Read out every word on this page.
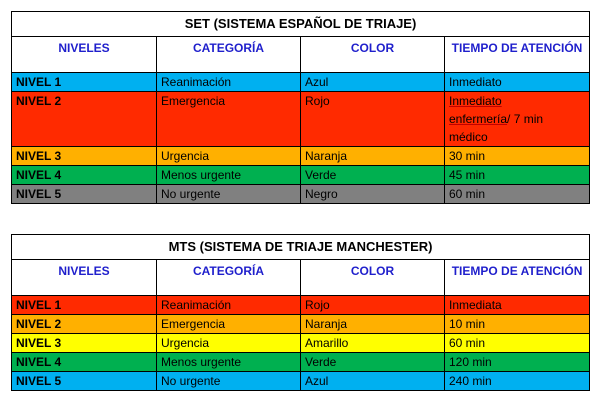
SET (SISTEMA ESPAÑOL DE TRIAJE)			
NIVELES	CATEGORÍA	COLOR	TIEMPO DE ATENCIÓN
NIVEL 1	Reanimación	Azul	Inmediato
NIVEL 2	Emergencia	Rojo	Inmediato
enfermería/ 7 min
médico
NIVEL 3	Urgencia	Naranja	30 min
NIVEL 4	Menos urgente	Verde	45 min
NIVEL 5	No urgente	Negro	60 min
MTS (SISTEMA DE TRIAJE MANCHESTER)			
NIVELES	CATEGORÍA	COLOR	TIEMPO DE ATENCIÓN
NIVEL 1	Reanimación	Rojo	Inmediata
NIVEL 2	Emergencia	Naranja	10 min
NIVEL 3	Urgencia	Amarillo	60 min
NIVEL 4	Menos urgente	Verde	120 min
NIVEL 5	No urgente	Azul	240 min
